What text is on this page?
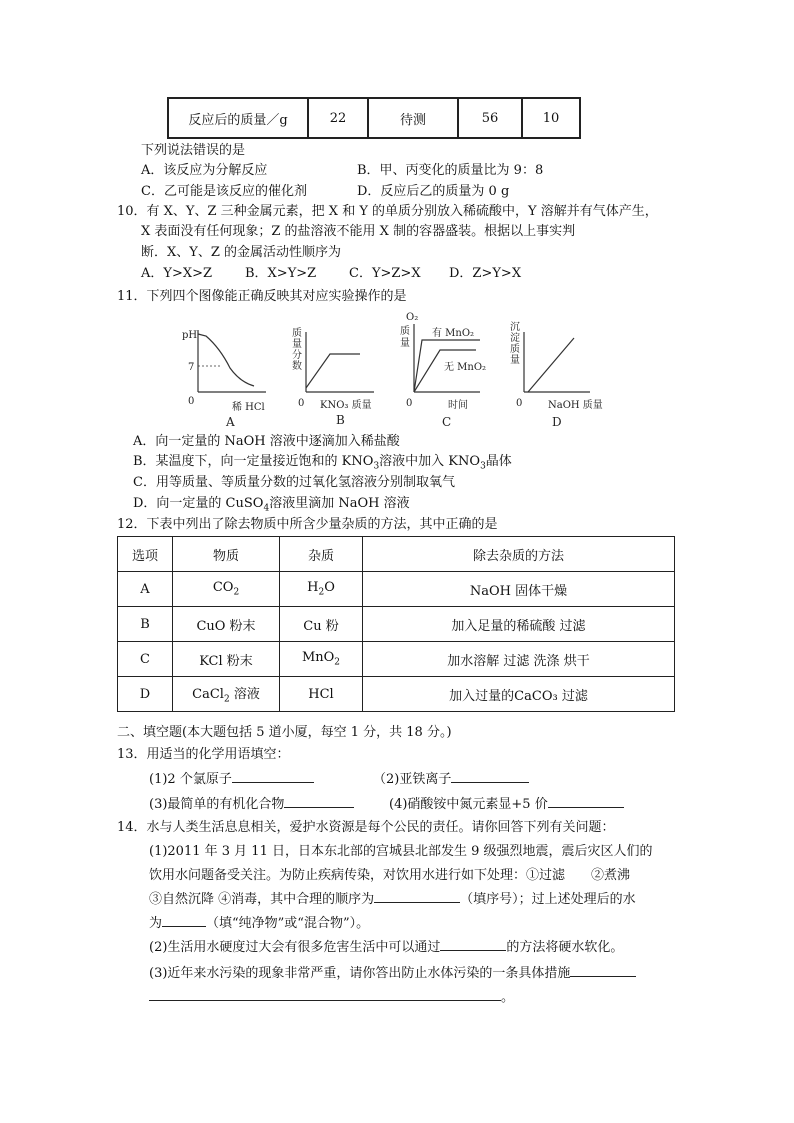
反应后的质量／g	22	待测	56	10
下列说法错误的是
A．该反应为分解反应	B．甲、丙变化的质量比为 9：8
C．乙可能是该反应的催化剂	D．反应后乙的质量为 0 g
10．有 X、Y、Z 三种金属元素，把 X 和 Y 的单质分别放入稀硫酸中，Y 溶解并有气体产生，
X 表面没有任何现象；Z 的盐溶液不能用 X 制的容器盛装。根据以上事实判
断．X、Y、Z 的金属活动性顺序为
A．Y>X>Z	B．X>Y>Z	C．Y>Z>X D．Z>Y>X
11．下列四个图像能正确反映其对应实验操作的是
pH
7
0
稀 HCl
A
质
量
分
数
0 KNO₃ 质量
B
O₂
质
量
有 MnO₂
无 MnO₂
0	时间
C
沉
淀
质
量
0	NaOH 质量
D
A．向一定量的 NaOH 溶液中逐滴加入稀盐酸
B．某温度下，向一定量接近饱和的 $KNO_3$溶液中加入 $KNO_3$晶体
C．用等质量、等质量分数的过氧化氢溶液分别制取氧气
D．向一定量的 CuSO$_4$溶液里滴加 NaOH 溶液
12．下表中列出了除去物质中所含少量杂质的方法，其中正确的是
选项	物质	杂质	除去杂质的方法
A	$CO_2$	$H_2O$	NaOH 固体干燥
B	CuO 粉末	Cu 粉	加入足量的稀硫酸 过滤
C	KCl 粉末	MnO$_2$	加水溶解 过滤 洗涤 烘干
D	CaCl$_2$ 溶液	HCl	加入过量的CaCO₃ 过滤
二、填空题(本大题包括 5 道小厦，每空 1 分，共 18 分。)
13．用适当的化学用语填空：
(1)2 个氯原子	（2)亚铁离子
(3)最简单的有机化合物	(4)硝酸铵中氮元素显+5 价
14．水与人类生活息息相关，爱护水资源是每个公民的责任。请你回答下列有关问题：
(1)2011 年 3 月 11 日，日本东北部的宫城县北部发生 9 级强烈地震，震后灾区人们的
饮用水问题备受关注。为防止疾病传染，对饮用水进行如下处理：①过滤　　②煮沸
③自然沉降 ④消毒，其中合理的顺序为	（填序号）；过上述处理后的水
为	（填“纯净物”或“混合物”）。
(2)生活用水硬度过大会有很多危害生活中可以通过	的方法将硬水软化。
(3)近年来水污染的现象非常严重，请你答出防止水体污染的一条具体措施
。
